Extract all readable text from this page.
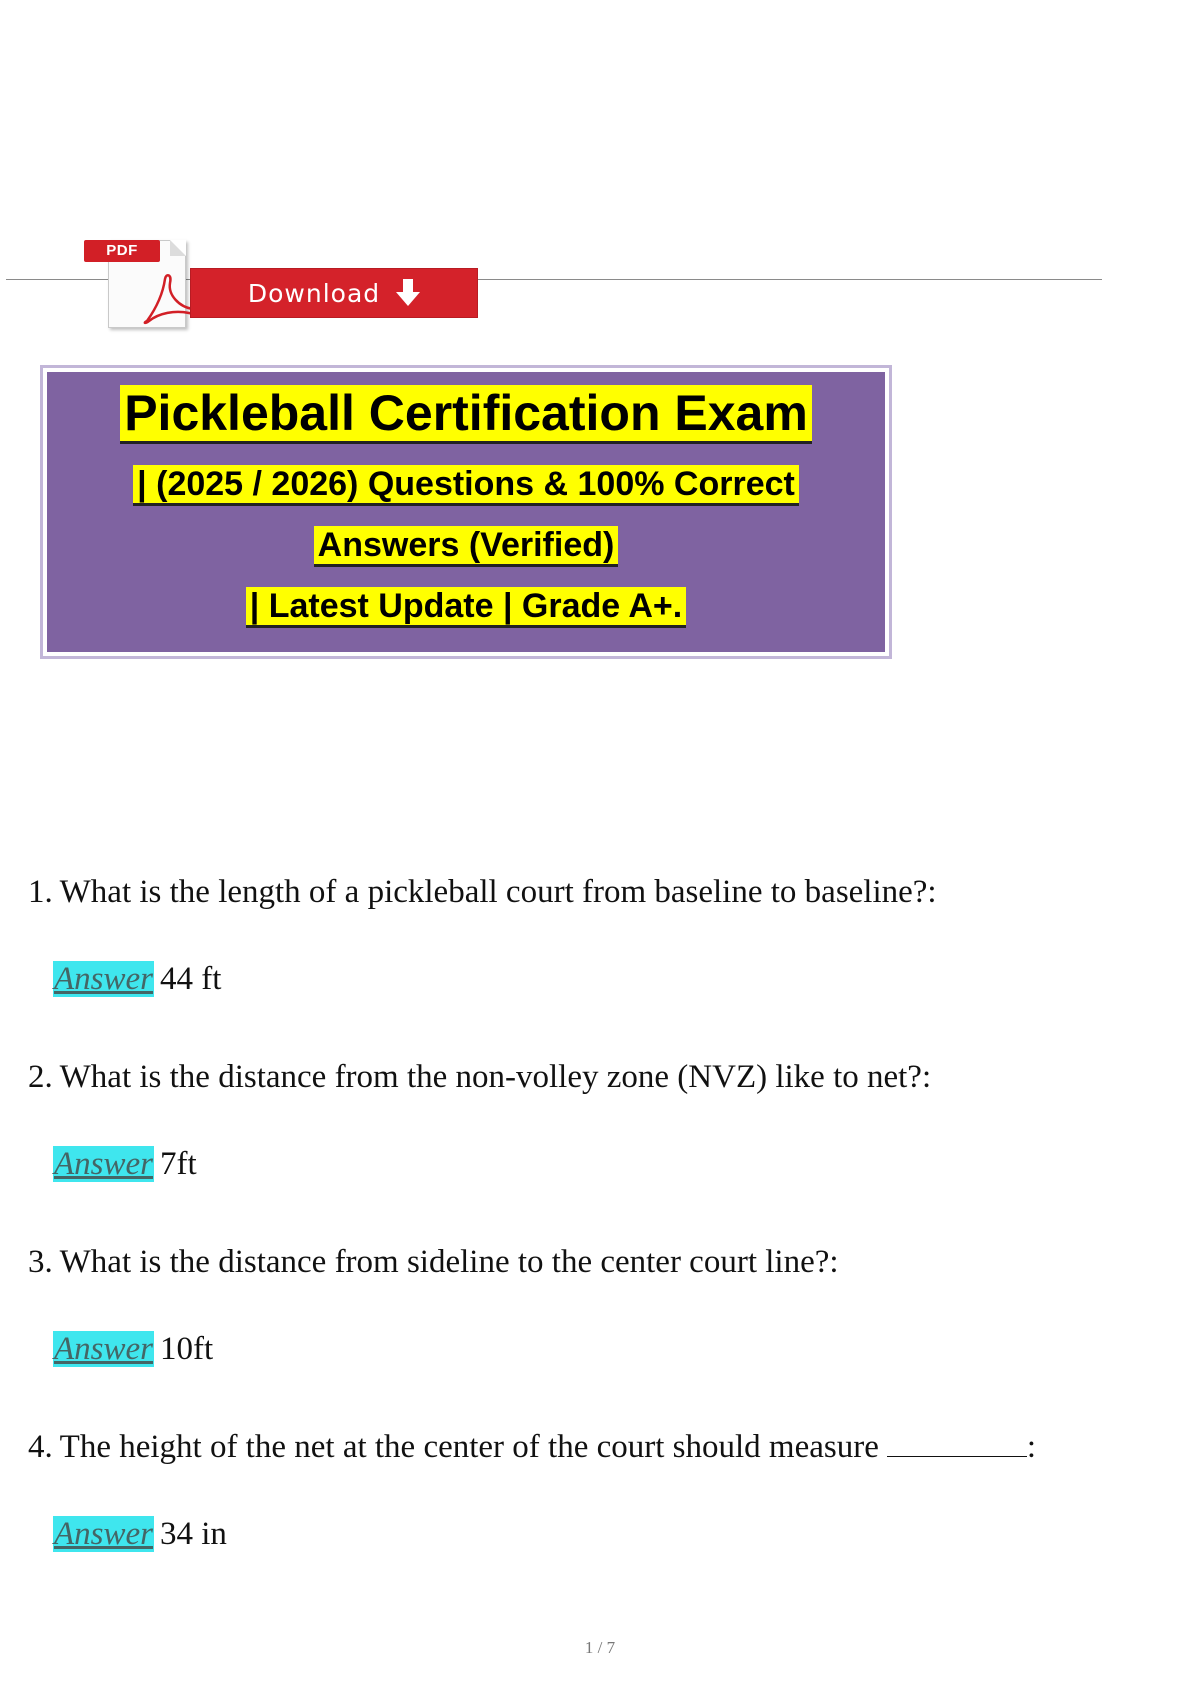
PDF
Download
Pickleball Certification Exam
| (2025 / 2026) Questions & 100% Correct
Answers (Verified)
| Latest Update | Grade A+.
1. What is the length of a pickleball court from baseline to baseline?:
Answer 44 ft
2. What is the distance from the non-volley zone (NVZ) like to net?:
Answer 7ft
3. What is the distance from sideline to the center court line?:
Answer 10ft
4. The height of the net at the center of the court should measure	:
Answer 34 in
1 / 7
